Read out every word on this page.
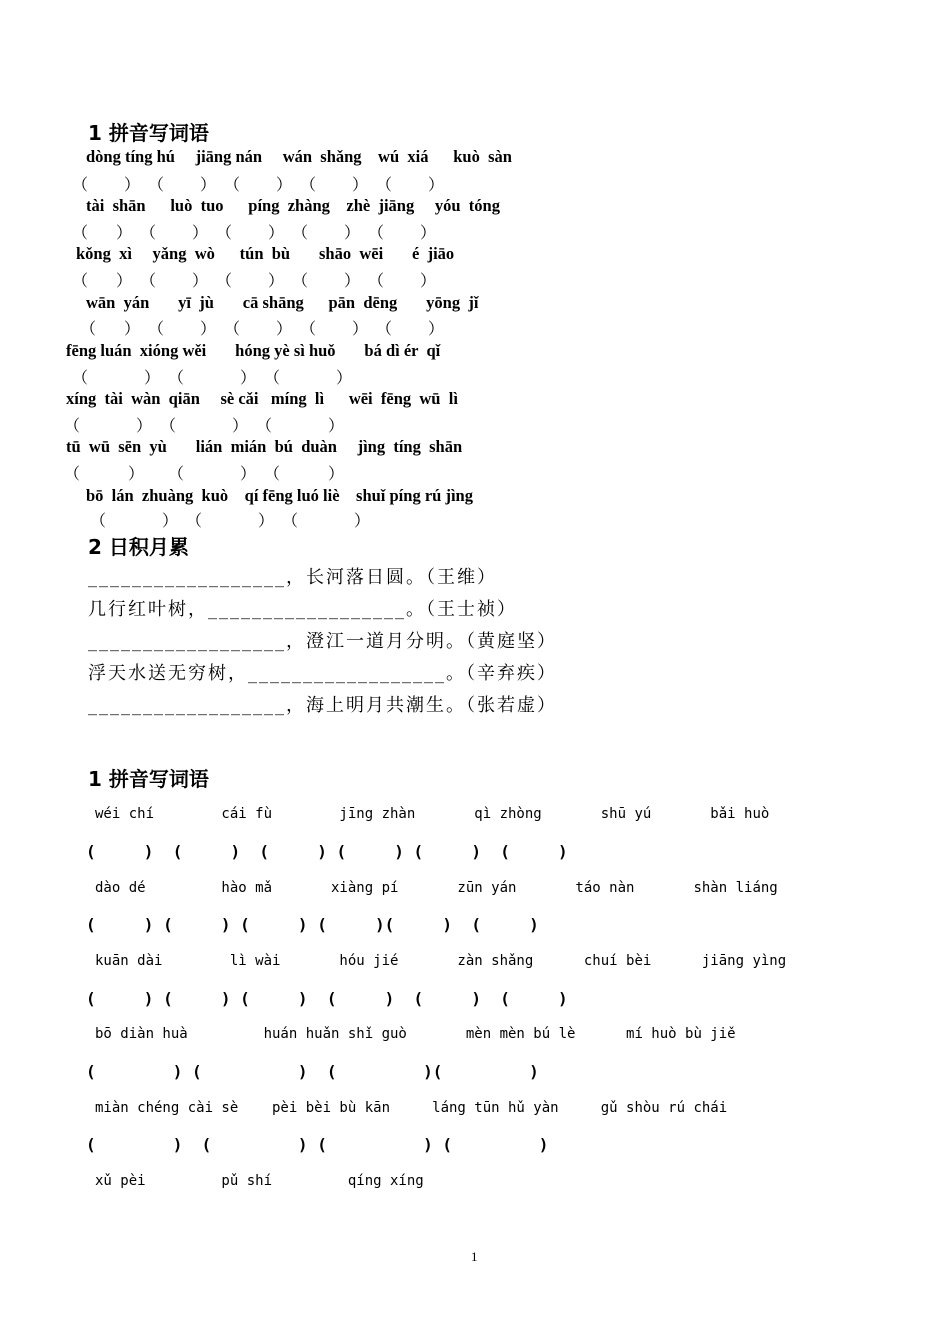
1 拼音写词语
dòng tíng hú     jiāng nán     wán  shǎng    wú  xiá      kuò  sàn
（         ）  （         ）  （         ）  （         ）  （         ）
tài  shān      luò  tuo      píng  zhàng    zhè  jiāng     yóu  tóng
（       ）  （         ）  （         ）  （         ）  （         ）
kǒng  xì     yǎng  wò      tún  bù       shāo  wēi       é  jiāo
（       ）  （         ）  （         ）  （         ）  （         ）
wān  yán       yī  jù       cā shāng      pān  dēng       yōng  jǐ
（       ）  （         ）  （         ）  （         ）  （         ）
fēng luán  xióng wěi       hóng yè sì huǒ       bá dì ér  qǐ
（              ）  （              ）  （              ）
xíng  tài  wàn  qiān     sè cǎi   míng  lì      wēi  fēng  wū  lì
（              ）  （              ）  （              ）
tū  wū  sēn  yù       lián  mián  bú  duàn     jìng  tíng  shān
（            ）      （              ）  （            ）
bō  lán  zhuàng  kuò    qí fēng luó liè    shuǐ píng rú jìng
（              ）  （              ）  （              ）
2 日积月累
__________________，长河落日圆。（王维）
几行红叶树，__________________。（王士祯）
__________________，澄江一道月分明。（黄庭坚）
浮天水送无穷树，__________________。（辛弃疾）
__________________，海上明月共潮生。（张若虚）
1 拼音写词语
wéi chí        cái fù        jīng zhàn       qì zhòng       shū yú       bǎi huò
(     )  (     )  (     ) (     ) (     )  (     )
dào dé         hào mǎ       xiàng pí       zūn yán       táo nàn       shàn liáng
(     ) (     ) (     ) (     )(     )  (     )
kuān dài        lì wài       hóu jié       zàn shǎng      chuí bèi      jiāng yìng
(     ) (     ) (     )  (     )  (     )  (     )
bō diàn huà         huán huǎn shǐ guò       mèn mèn bú lè      mí huò bù jiě
(        ) (          )  (         )(         )
miàn chéng cài sè    pèi bèi bù kān     láng tūn hǔ yàn     gǔ shòu rú chái
(        )  (         ) (          ) (         )
xǔ pèi         pǔ shí         qíng xíng
1
